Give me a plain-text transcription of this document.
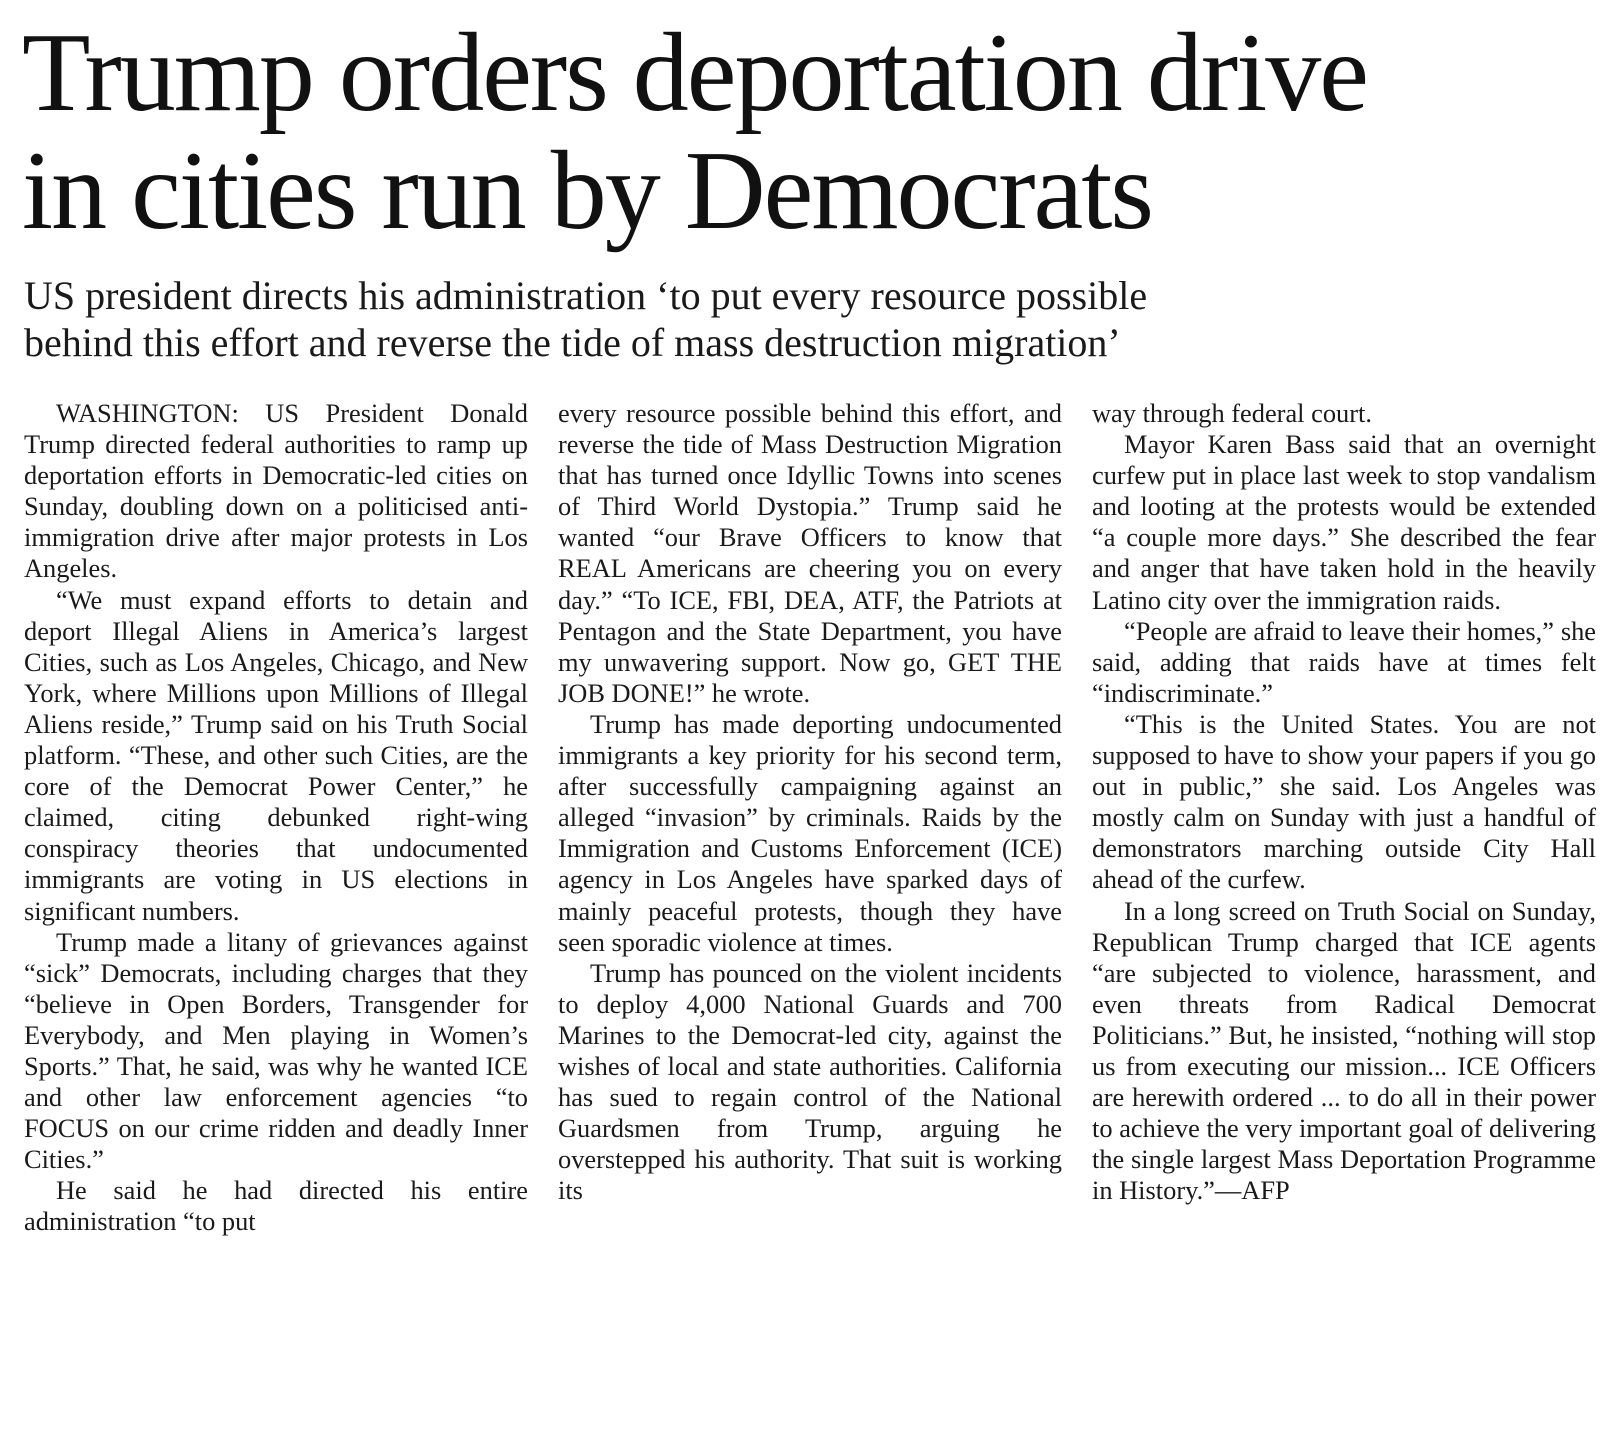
Trump orders deportation drive
in cities run by Democrats
US president directs his administration ‘to put every resource possible
behind this effort and reverse the tide of mass destruction migration’

WASHINGTON: US President Donald Trump directed federal authorities to ramp up deportation efforts in Democratic-led cities on Sunday, doubling down on a politicised anti-immigration drive after major protests in Los Angeles.

“We must expand efforts to detain and deport Illegal Aliens in America’s largest Cities, such as Los Angeles, Chicago, and New York, where Millions upon Millions of Illegal Aliens reside,” Trump said on his Truth Social platform. “These, and other such Cities, are the core of the Democrat Power Center,” he claimed, citing debunked right-wing conspiracy theories that undocumented immigrants are voting in US elections in significant numbers.

Trump made a litany of grievances against “sick” Democrats, including charges that they “believe in Open Borders, Transgender for Everybody, and Men playing in Women’s Sports.” That, he said, was why he wanted ICE and other law enforcement agencies “to FOCUS on our crime ridden and deadly Inner Cities.”

He said he had directed his entire administration “to put

every resource possible behind this effort, and reverse the tide of Mass Destruction Migration that has turned once Idyllic Towns into scenes of Third World Dystopia.” Trump said he wanted “our Brave Officers to know that REAL Americans are cheering you on every day.” “To ICE, FBI, DEA, ATF, the Patriots at Pentagon and the State Department, you have my unwavering support. Now go, GET THE JOB DONE!” he wrote.

Trump has made deporting undocumented immigrants a key priority for his second term, after successfully campaigning against an alleged “invasion” by criminals. Raids by the Immigration and Customs Enforcement (ICE) agency in Los Angeles have sparked days of mainly peaceful protests, though they have seen sporadic violence at times.

Trump has pounced on the violent incidents to deploy 4,000 National Guards and 700 Marines to the Democrat-led city, against the wishes of local and state authorities. California has sued to regain control of the National Guardsmen from Trump, arguing he overstepped his authority. That suit is working its

way through federal court.

Mayor Karen Bass said that an overnight curfew put in place last week to stop vandalism and looting at the protests would be extended “a couple more days.” She described the fear and anger that have taken hold in the heavily Latino city over the immigration raids.

“People are afraid to leave their homes,” she said, adding that raids have at times felt “indiscriminate.”

“This is the United States. You are not supposed to have to show your papers if you go out in public,” she said. Los Angeles was mostly calm on Sunday with just a handful of demonstrators marching outside City Hall ahead of the curfew.

In a long screed on Truth Social on Sunday, Republican Trump charged that ICE agents “are subjected to violence, harassment, and even threats from Radical Democrat Politicians.” But, he insisted, “nothing will stop us from executing our mission... ICE Officers are herewith ordered ... to do all in their power to achieve the very important goal of delivering the single largest Mass Deportation Programme in History.”—AFP
